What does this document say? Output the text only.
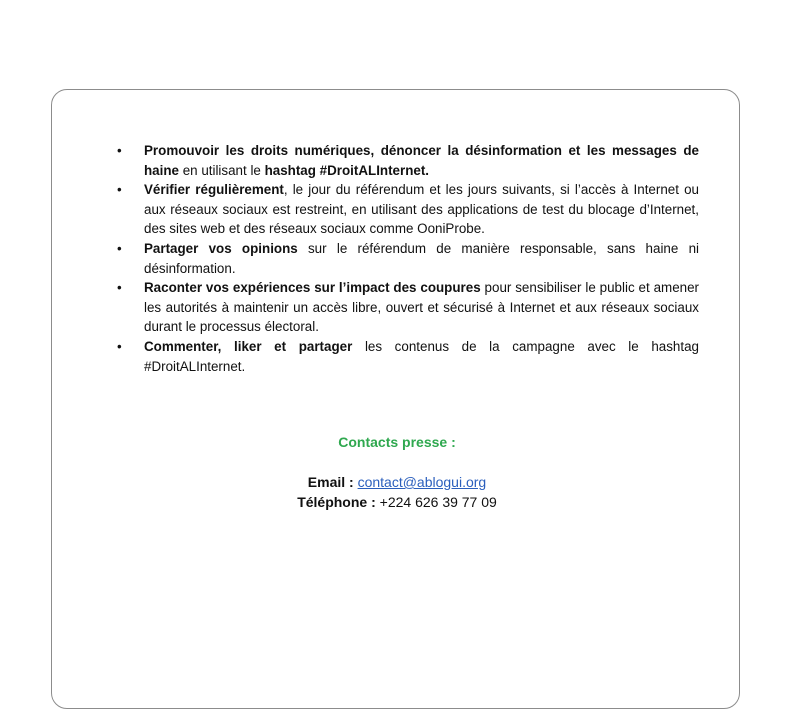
• Promouvoir les droits numériques, dénoncer la désinformation et les messages de haine en utilisant le hashtag #DroitALInternet.
• Vérifier régulièrement, le jour du référendum et les jours suivants, si l’accès à Internet ou aux réseaux sociaux est restreint, en utilisant des applications de test du blocage d’Internet, des sites web et des réseaux sociaux comme OoniProbe.
• Partager vos opinions sur le référendum de manière responsable, sans haine ni désinformation.
• Raconter vos expériences sur l’impact des coupures pour sensibiliser le public et amener les autorités à maintenir un accès libre, ouvert et sécurisé à Internet et aux réseaux sociaux durant le processus électoral.
• Commenter, liker et partager les contenus de la campagne avec le hashtag #DroitALInternet.
Contacts presse :
Email : contact@ablogui.org
Téléphone : +224 626 39 77 09
